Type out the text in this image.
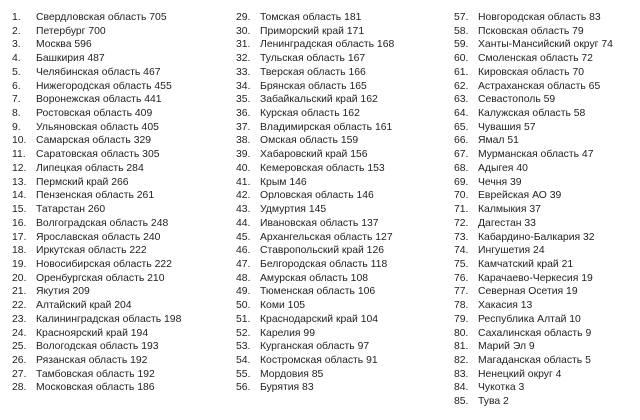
1.	Свердловская область 705
2.	Петербург 700
3.	Москва 596
4.	Башкирия 487
5.	Челябинская область 467
6.	Нижегородская область 455
7.	Воронежская область 441
8.	Ростовская область 409
9.	Ульяновская область 405
10. Самарская область 329
11. Саратовская область 305
12. Липецкая область 284
13. Пермский край 266
14. Пензенская область 261
15. Татарстан 260
16. Волгоградская область 248
17. Ярославская область 240
18. Иркутская область 222
19. Новосибирская область 222
20. Оренбургская область 210
21. Якутия 209
22. Алтайский край 204
23. Калининградская область 198
24. Красноярский край 194
25. Вологодская область 193
26. Рязанская область 192
27. Тамбовская область 192
28. Московская область 186
29. Томская область 181
30. Приморский край 171
31. Ленинградская область 168
32. Тульская область 167
33. Тверская область 166
34. Брянская область 165
35. Забайкальский край 162
36. Курская область 162
37. Владимирская область 161
38. Омская область 159
39. Хабаровский край 156
40. Кемеровская область 153
41. Крым 146
42. Орловская область 146
43. Удмуртия 145
44. Ивановская область 137
45. Архангельская область 127
46. Ставропольский край 126
47. Белгородская область 118
48. Амурская область 108
49. Тюменская область 106
50. Коми 105
51. Краснодарский край 104
52. Карелия 99
53. Курганская область 97
54. Костромская область 91
55. Мордовия 85
56. Бурятия 83
57. Новгородская область 83
58. Псковская область 79
59. Ханты-Мансийский округ 74
60. Смоленская область 72
61. Кировская область 70
62. Астраханская область 65
63. Севастополь 59
64. Калужская область 58
65. Чувашия 57
66. Ямал 51
67. Мурманская область 47
68. Адыгея 40
69. Чечня 39
70. Еврейская АО 39
71. Калмыкия 37
72. Дагестан 33
73. Кабардино-Балкария 32
74. Ингушетия 24
75. Камчатский край 21
76. Карачаево-Черкесия 19
77. Северная Осетия 19
78. Хакасия 13
79. Республика Алтай 10
80. Сахалинская область 9
81. Марий Эл 9
82. Магаданская область 5
83. Ненецкий округ 4
84. Чукотка 3
85. Тува 2
